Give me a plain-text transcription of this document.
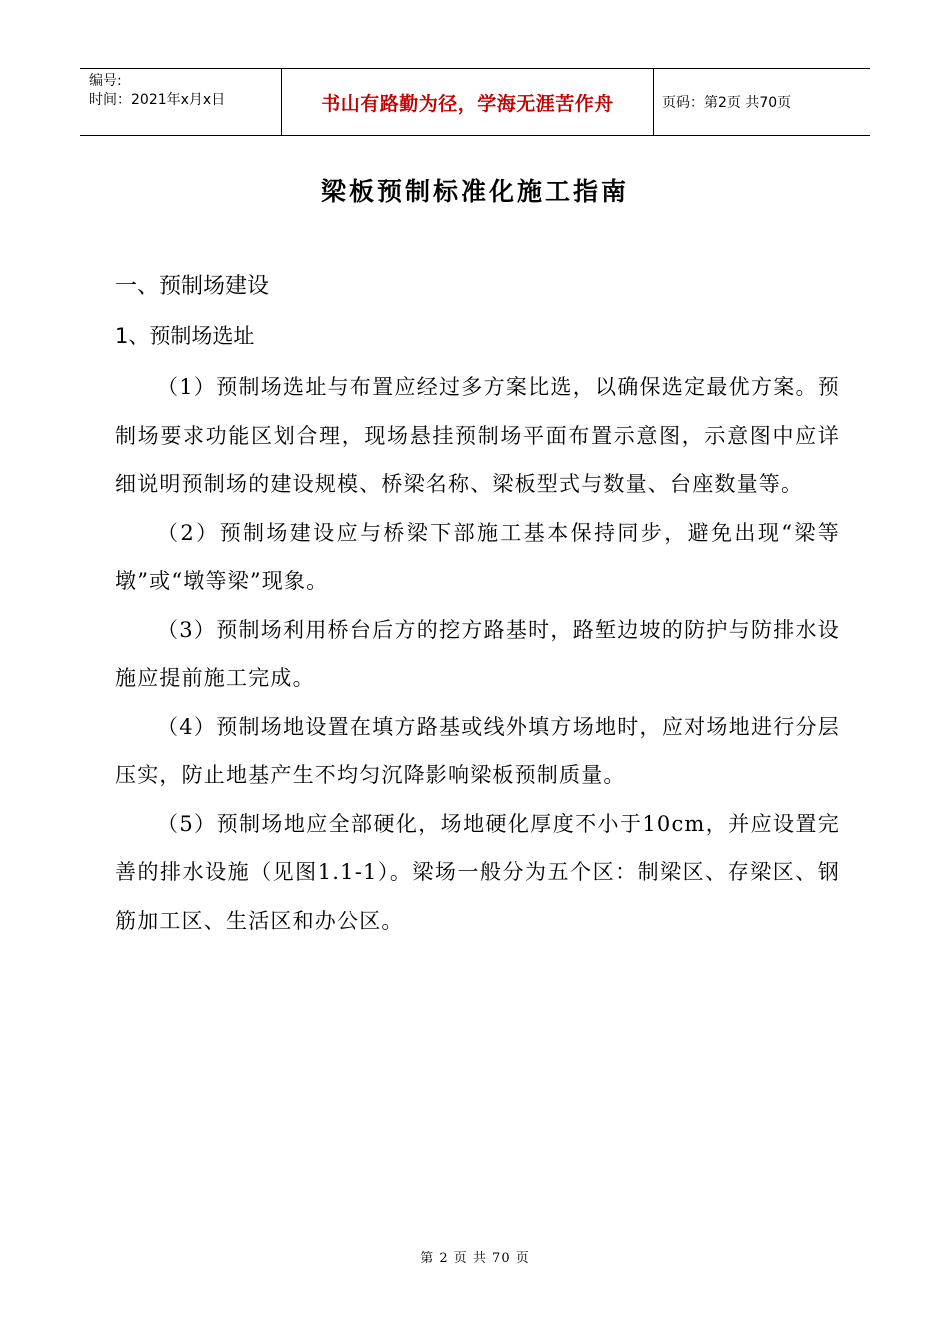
编号:
时间：2021年x月x日	书山有路勤为径，学海无涯苦作舟	页码：第2页 共70页
梁板预制标准化施工指南
一、预制场建设
1、预制场选址

（1）预制场选址与布置应经过多方案比选，以确保选定最优方案。预制场要求功能区划合理，现场悬挂预制场平面布置示意图，示意图中应详细说明预制场的建设规模、桥梁名称、梁板型式与数量、台座数量等。

（2）预制场建设应与桥梁下部施工基本保持同步，避免出现“梁等墩”或“墩等梁”现象。

（3）预制场利用桥台后方的挖方路基时，路堑边坡的防护与防排水设施应提前施工完成。

（4）预制场地设置在填方路基或线外填方场地时，应对场地进行分层压实，防止地基产生不均匀沉降影响梁板预制质量。

（5）预制场地应全部硬化，场地硬化厚度不小于10cm，并应设置完善的排水设施（见图1.1-1）。梁场一般分为五个区：制梁区、存梁区、钢筋加工区、生活区和办公区。

第 2 页 共 70 页
